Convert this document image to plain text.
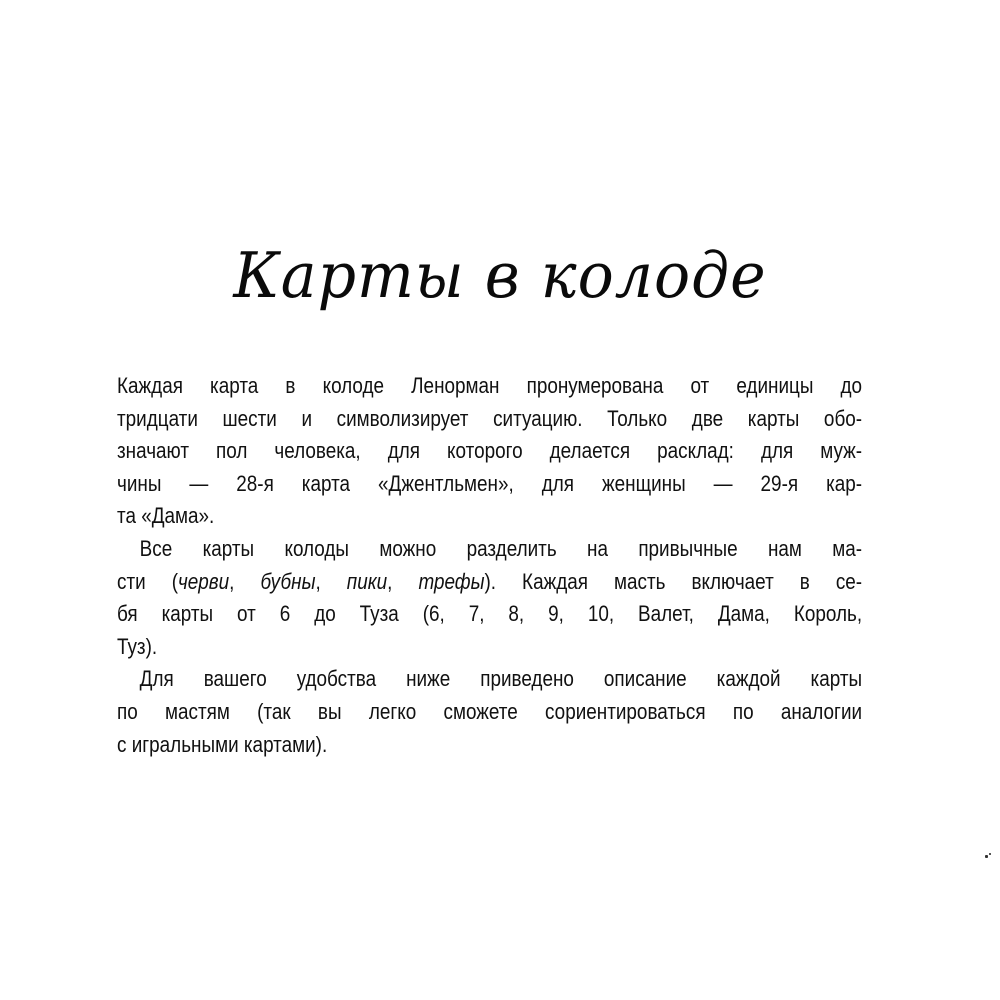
Карты в колоде
Каждая карта в колоде Ленорман пронумерована от единицы до
тридцати шести и символизирует ситуацию. Только две карты обо-
значают пол человека, для которого делается расклад: для муж-
чины — 28-я карта «Джентльмен», для женщины — 29-я кар-
та «Дама».
Все карты колоды можно разделить на привычные нам ма-
сти (черви, бубны, пики, трефы). Каждая масть включает в се-
бя карты от 6 до Туза (6, 7, 8, 9, 10, Валет, Дама, Король,
Туз).
Для вашего удобства ниже приведено описание каждой карты
по мастям (так вы легко сможете сориентироваться по аналогии
с игральными картами).
